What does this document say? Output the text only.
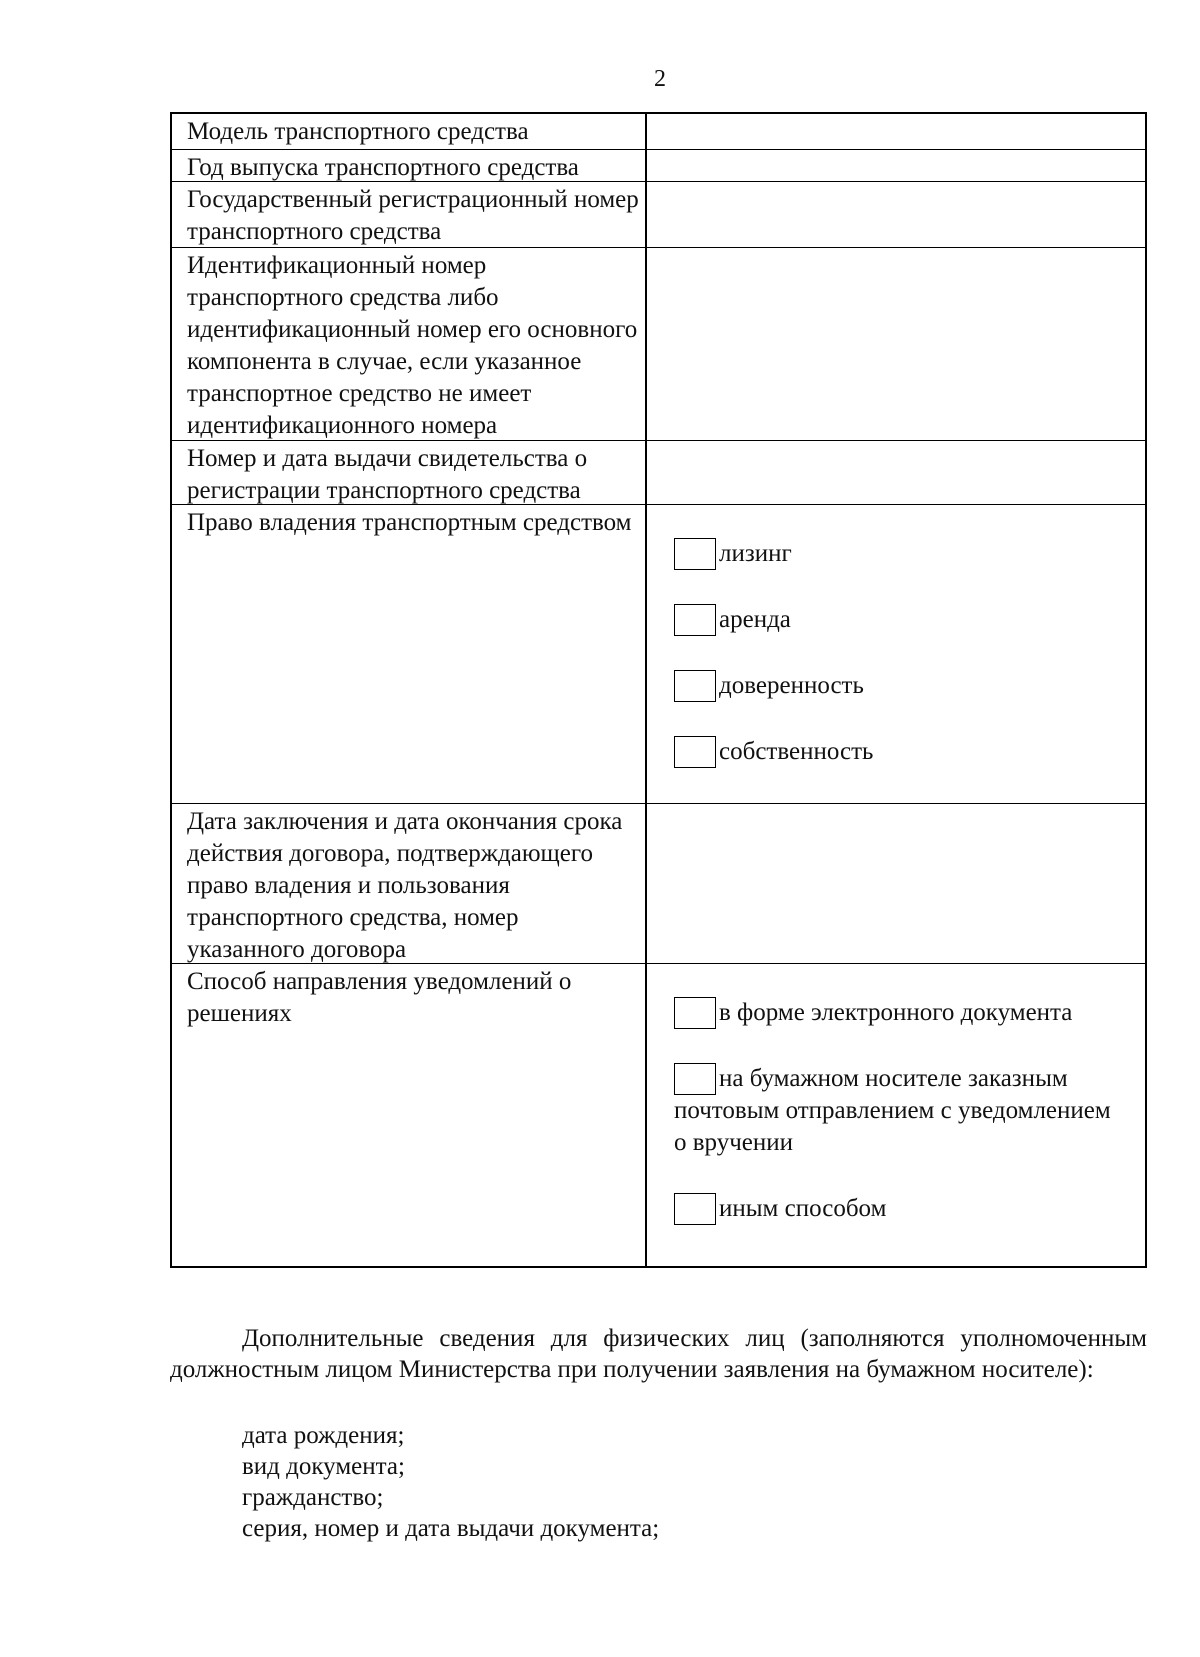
2
Модель транспортного средства
Год выпуска транспортного средства
Государственный регистрационный номер транспортного средства
Идентификационный номер транспортного средства либо идентификационный номер его основного компонента в случае, если указанное транспортное средство не имеет идентификационного номера
Номер и дата выдачи свидетельства о регистрации транспортного средства
Право владения транспортным средством
лизинг
аренда
доверенность
собственность
Дата заключения и дата окончания срока действия договора, подтверждающего право владения и пользования транспортного средства, номер указанного договора
Способ направления уведомлений о решениях	в форме электронного документа
на бумажном носителе заказным почтовым отправлением с уведомлением о вручении
иным способом
Дополнительные сведения для физических лиц (заполняются уполномоченным должностным лицом Министерства при получении заявления на бумажном носителе):
дата рождения;
вид документа;
гражданство;
серия, номер и дата выдачи документа;
